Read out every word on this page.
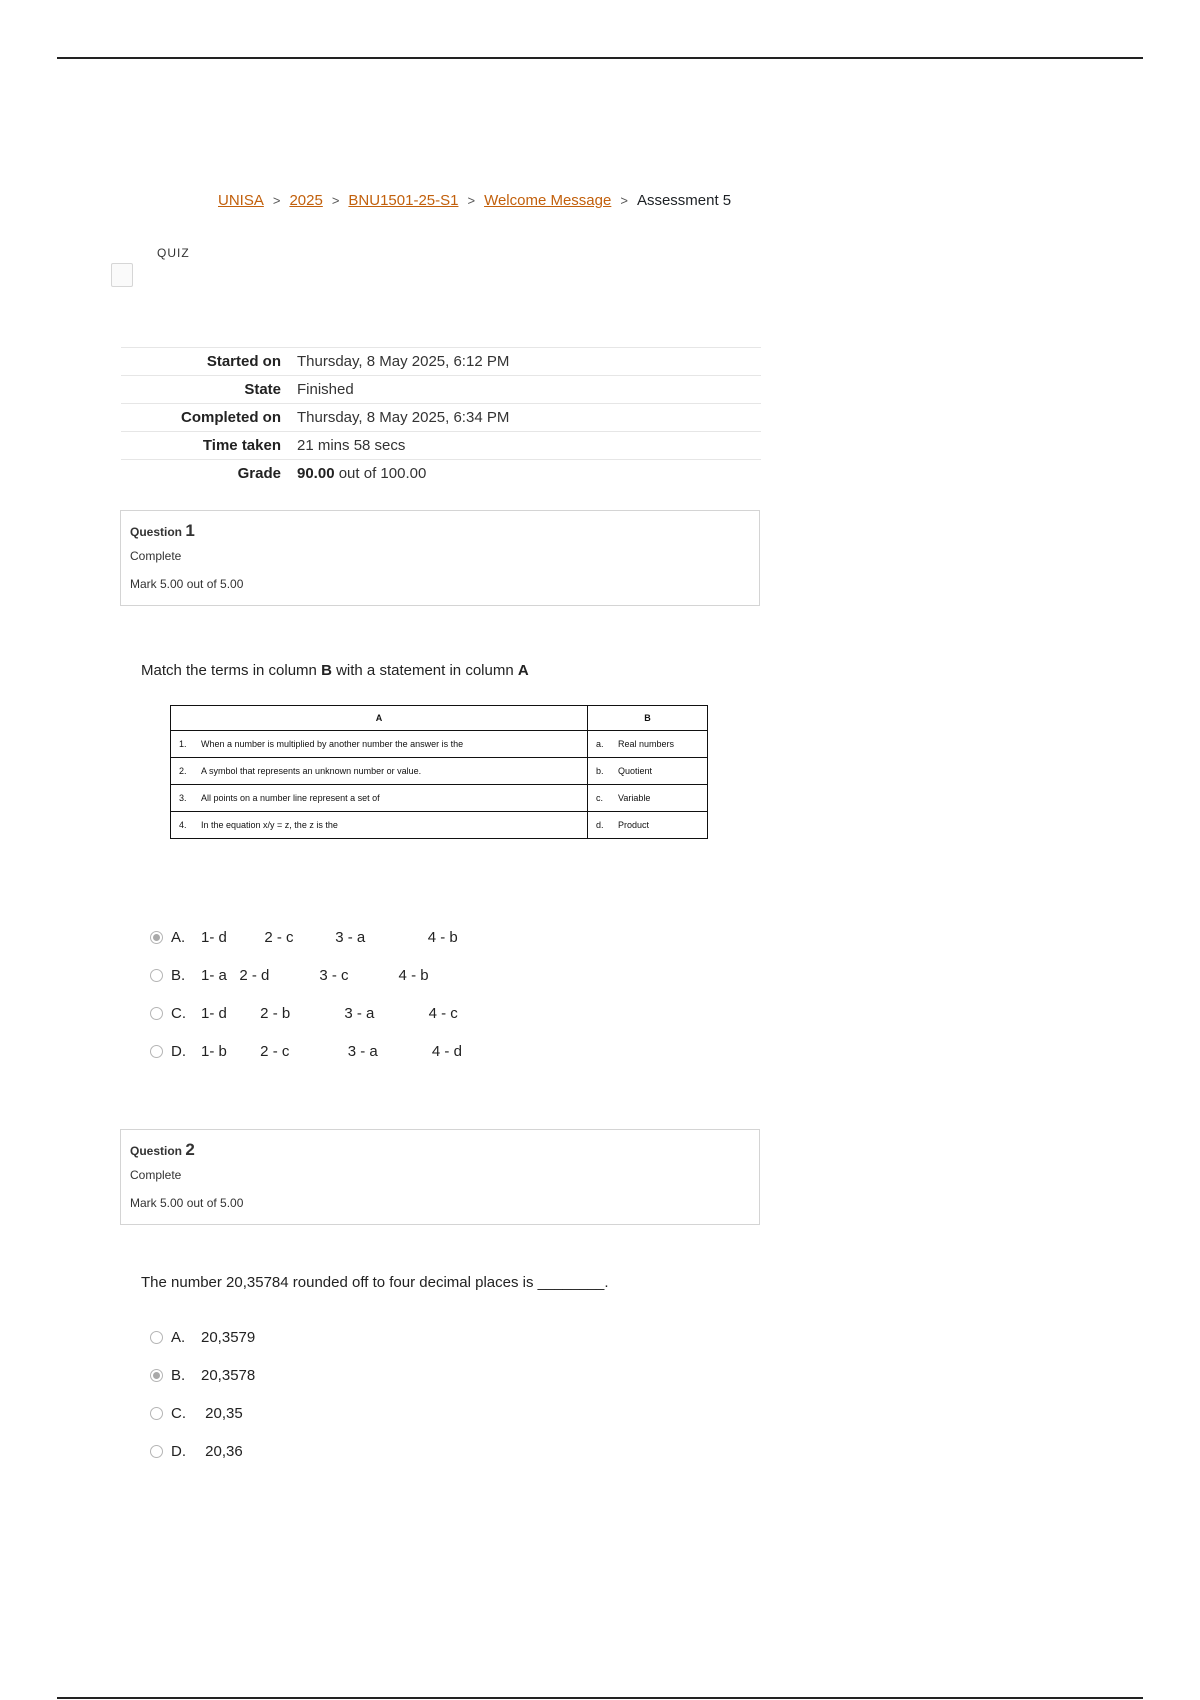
UNISA > 2025 > BNU1501-25-S1 > Welcome Message > Assessment 5
QUIZ
Started on	Thursday, 8 May 2025, 6:12 PM
State	Finished
Completed on	Thursday, 8 May 2025, 6:34 PM
Time taken	21 mins 58 secs
Grade	90.00 out of 100.00
Question 1
Complete
Mark 5.00 out of 5.00
Match the terms in column B with a statement in column A
A	B
1. When a number is multiplied by another number the answer is the	a. Real numbers
2. A symbol that represents an unknown number or value.	b. Quotient
3. All points on a number line represent a set of	c. Variable
4. In the equation x/y = z, the z is the	d. Product
A.	1- d         2 - c          3 - a               4 - b
B.	1- a   2 - d            3 - c            4 - b
C.	1- d        2 - b             3 - a             4 - c
D.	1- b        2 - c              3 - a             4 - d
Question 2
Complete
Mark 5.00 out of 5.00
The number 20,35784 rounded off to four decimal places is ________.
A.	20,3579
B.	20,3578
C.	20,35
D.	20,36
